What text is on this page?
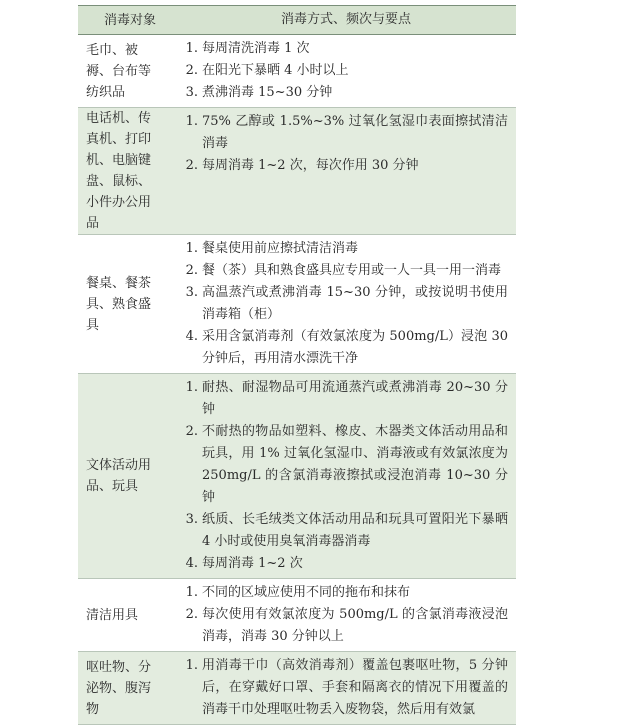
消毒对象	消毒方式、频次与要点
毛巾、被褥、台布等纺织品
1. 每周清洗消毒 1 次
2. 在阳光下暴晒 4 小时以上
3. 煮沸消毒 15~30 分钟
电话机、传真机、打印机、电脑键盘、鼠标、小件办公用品
1. 75% 乙醇或 1.5%~3% 过氧化氢湿巾表面擦拭清洁消毒
2. 每周消毒 1~2 次，每次作用 30 分钟
餐桌、餐茶具、熟食盛具
1. 餐桌使用前应擦拭清洁消毒
2. 餐（茶）具和熟食盛具应专用或一人一具一用一消毒
3. 高温蒸汽或煮沸消毒 15~30 分钟，或按说明书使用消毒箱（柜）
4. 采用含氯消毒剂（有效氯浓度为 500mg/L）浸泡 30 分钟后，再用清水漂洗干净
文体活动用品、玩具
1. 耐热、耐湿物品可用流通蒸汽或煮沸消毒 20~30 分钟
2. 不耐热的物品如塑料、橡皮、木器类文体活动用品和玩具，用 1% 过氧化氢湿巾、消毒液或有效氯浓度为 250mg/L 的含氯消毒液擦拭或浸泡消毒 10~30 分钟
3. 纸质、长毛绒类文体活动用品和玩具可置阳光下暴晒 4 小时或使用臭氧消毒器消毒
4. 每周消毒 1~2 次
清洁用具
1. 不同的区域应使用不同的拖布和抹布
2. 每次使用有效氯浓度为 500mg/L 的含氯消毒液浸泡消毒，消毒 30 分钟以上
呕吐物、分泌物、腹泻物
1. 用消毒干巾（高效消毒剂）覆盖包裹呕吐物，5 分钟后，在穿戴好口罩、手套和隔离衣的情况下用覆盖的消毒干巾处理呕吐物丢入废物袋，然后用有效氯
